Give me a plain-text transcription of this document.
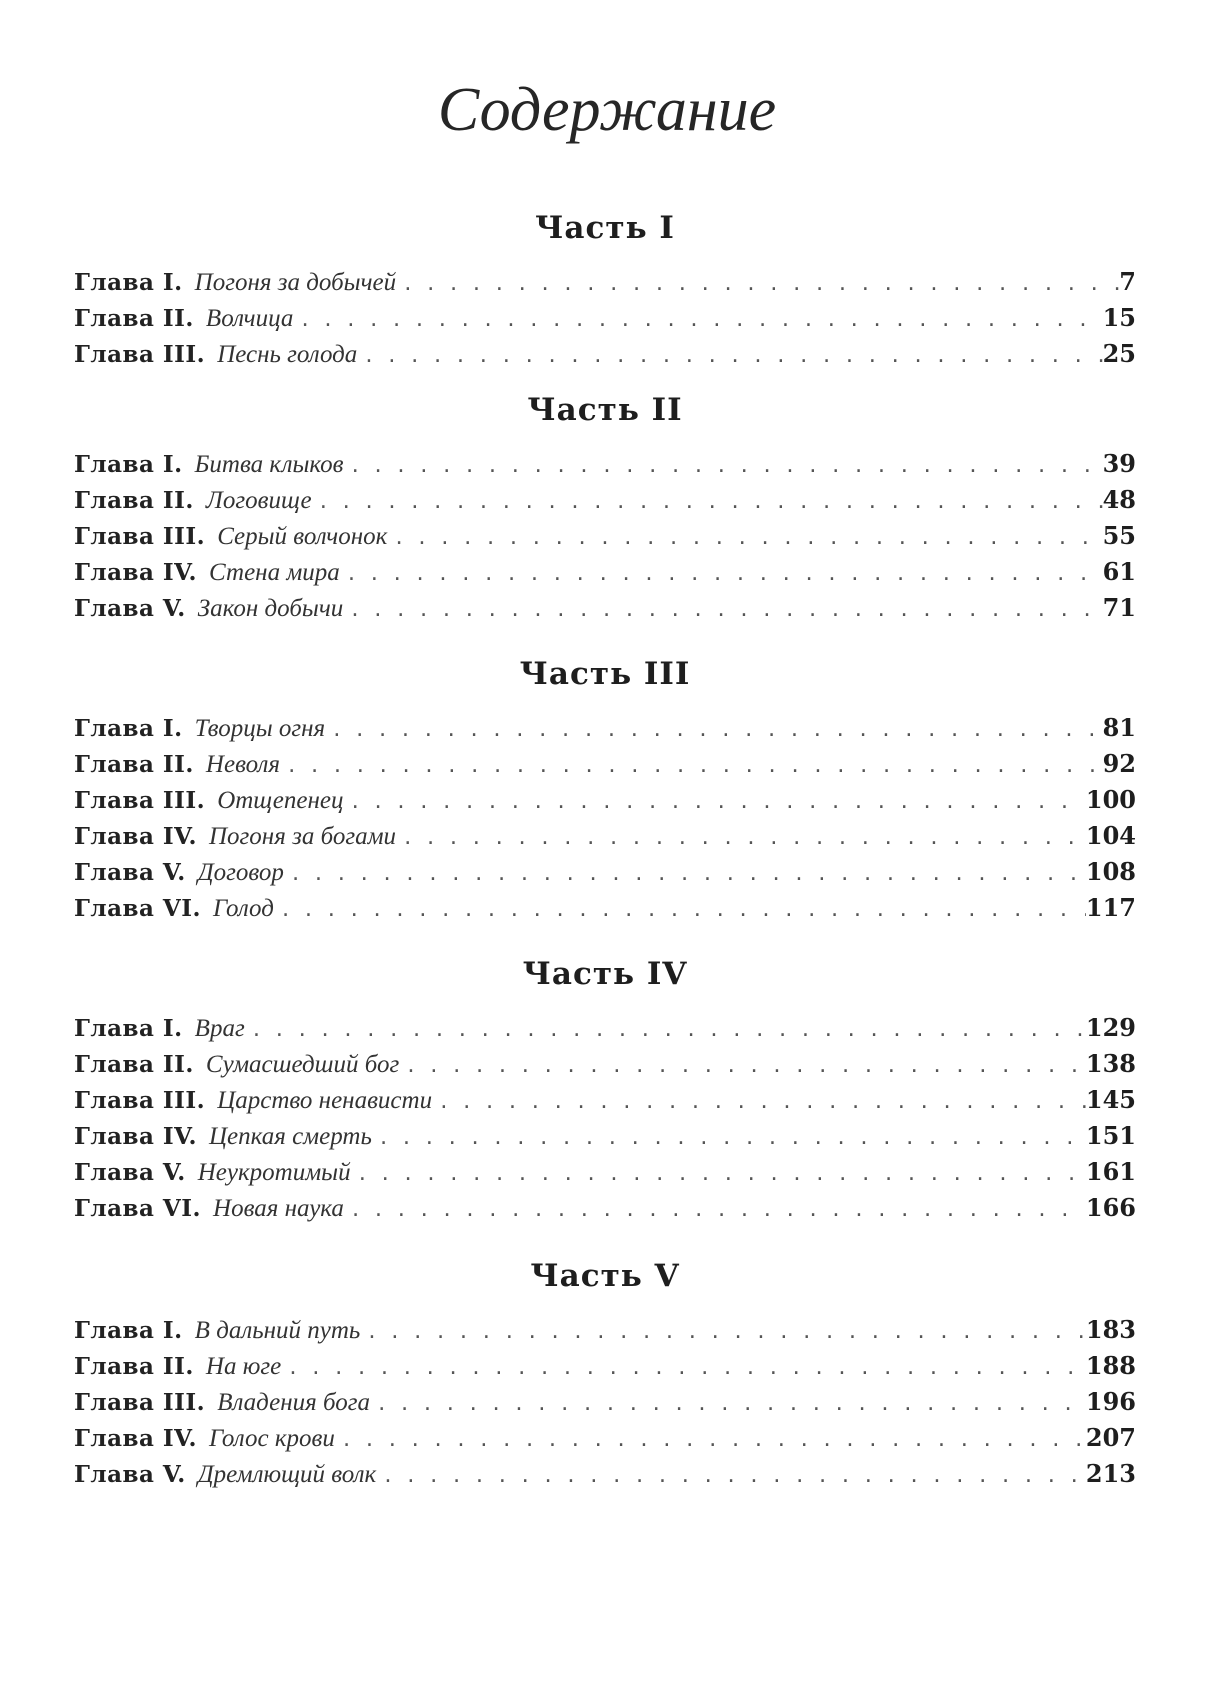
Содержание
Часть I
Глава I. Погоня за добычей . . .	7
Глава II. Волчица . . .	15
Глава III. Песнь голода . . .	25
Часть II
Глава I. Битва клыков . . .	39
Глава II. Логовище . . .	48
Глава III. Серый волчонок . . .	55
Глава IV. Стена мира . . .	61
Глава V. Закон добычи . . .	71
Часть III
Глава I. Творцы огня . . .	81
Глава II. Неволя . . .	92
Глава III. Отщепенец . . .	100
Глава IV. Погоня за богами . . .	104
Глава V. Договор . . .	108
Глава VI. Голод . . .	117
Часть IV
Глава I. Враг . . .	129
Глава II. Сумасшедший бог . . .	138
Глава III. Царство ненависти . . .	145
Глава IV. Цепкая смерть . . .	151
Глава V. Неукротимый . . .	161
Глава VI. Новая наука . . .	166
Часть V
Глава I. В дальний путь . . .	183
Глава II. На юге . . .	188
Глава III. Владения бога . . .	196
Глава IV. Голос крови . . .	207
Глава V. Дремлющий волк . . .	213
